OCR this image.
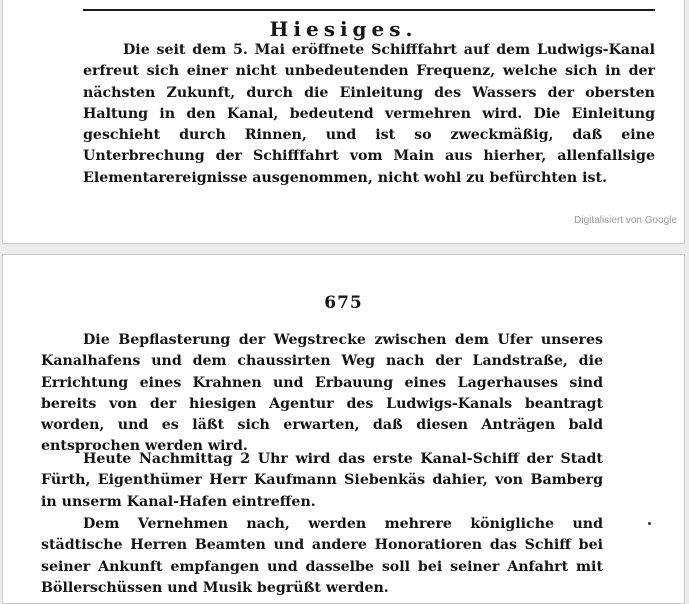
Hiesiges.

Die seit dem 5. Mai eröffnete Schifffahrt auf dem Ludwigs-Kanal erfreut sich einer nicht unbedeutenden Frequenz, welche sich in der nächsten Zukunft, durch die Einleitung des Wassers der obersten Haltung in den Kanal, bedeutend vermehren wird. Die Einleitung geschieht durch Rinnen, und ist so zweckmäßig, daß eine Unterbrechung der Schifffahrt vom Main aus hierher, allenfallsige Elementarereignisse ausgenommen, nicht wohl zu befürchten ist.

Digitalisiert von Google

675

Die Bepflasterung der Wegstrecke zwischen dem Ufer unseres Kanalhafens und dem chaussirten Weg nach der Landstraße, die Errichtung eines Krahnen und Erbauung eines Lagerhauses sind bereits von der hiesigen Agentur des Ludwigs-Kanals beantragt worden, und es läßt sich erwarten, daß diesen Anträgen bald entsprochen werden wird.

Heute Nachmittag 2 Uhr wird das erste Kanal-Schiff der Stadt Fürth, Eigenthümer Herr Kaufmann Siebenkäs dahier, von Bamberg in unserm Kanal-Hafen eintreffen.

Dem Vernehmen nach, werden mehrere königliche und städtische Herren Beamten und andere Honoratioren das Schiff bei seiner Ankunft empfangen und dasselbe soll bei seiner Anfahrt mit Böllerschüssen und Musik begrüßt werden.
